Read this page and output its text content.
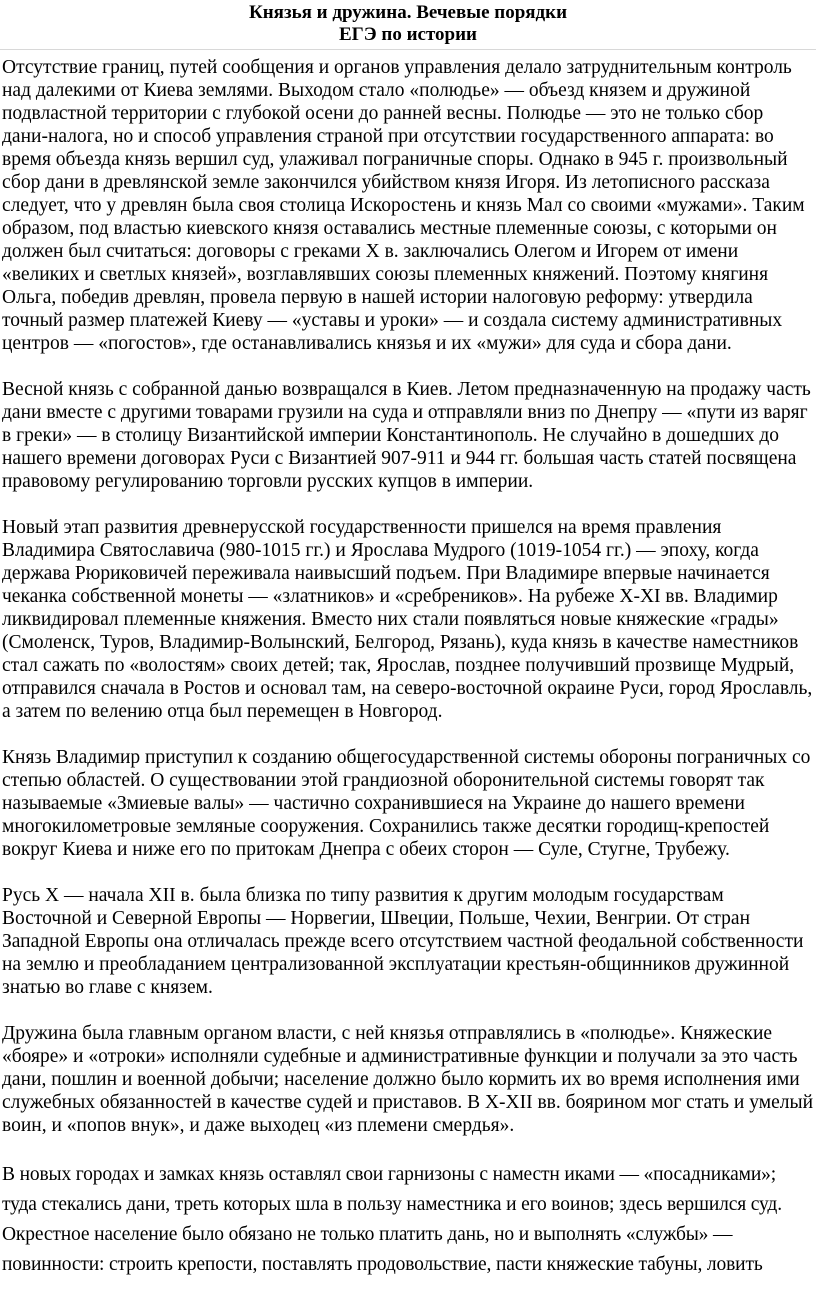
Князья и дружина. Вечевые порядки
ЕГЭ по истории

Отсутствие границ, путей сообщения и органов управления делало затруднительным контроль над далекими от Киева землями. Выходом стало «полюдье» — объезд князем и дружиной подвластной территории с глубокой осени до ранней весны. Полюдье — это не только сбор дани-налога, но и способ управления страной при отсутствии государственного аппарата: во время объезда князь вершил суд, улаживал пограничные споры. Однако в 945 г. произвольный сбор дани в древлянской земле закончился убийством князя Игоря. Из летописного рассказа следует, что у древлян была своя столица Искоростень и князь Мал со своими «мужами». Таким образом, под властью киевского князя оставались местные племенные союзы, с которыми он должен был считаться: договоры с греками X в. заключались Олегом и Игорем от имени «великих и светлых князей», возглавлявших союзы племенных княжений. Поэтому княгиня Ольга, победив древлян, провела первую в нашей истории налоговую реформу: утвердила точный размер платежей Киеву — «уставы и уроки» — и создала систему административных центров — «погостов», где останавливались князья и их «мужи» для суда и сбора дани.

Весной князь с собранной данью возвращался в Киев. Летом предназначенную на продажу часть дани вместе с другими товарами грузили на суда и отправляли вниз по Днепру — «пути из варяг в греки» — в столицу Византийской империи Константинополь. Не случайно в дошедших до нашего времени договорах Руси с Византией 907-911 и 944 гг. большая часть статей посвящена правовому регулированию торговли русских купцов в империи.

Новый этап развития древнерусской государственности пришелся на время правления Владимира Святославича (980-1015 гг.) и Ярослава Мудрого (1019-1054 гг.) — эпоху, когда держава Рюриковичей переживала наивысший подъем. При Владимире впервые начинается чеканка собственной монеты — «златников» и «сребреников». На рубеже X-XI вв. Владимир ликвидировал племенные княжения. Вместо них стали появляться новые княжеские «грады» (Смоленск, Туров, Владимир-Волынский, Белгород, Рязань), куда князь в качестве наместников стал сажать по «волостям» своих детей; так, Ярослав, позднее получивший прозвище Мудрый, отправился сначала в Ростов и основал там, на северо-восточной окраине Руси, город Ярославль, а затем по велению отца был перемещен в Новгород.

Князь Владимир приступил к созданию общегосударственной системы обороны пограничных со степью областей. О существовании этой грандиозной оборонительной системы говорят так называемые «Змиевые валы» — частично сохранившиеся на Украине до нашего времени многокилометровые земляные сооружения. Сохранились также десятки городищ-крепостей вокруг Киева и ниже его по притокам Днепра с обеих сторон — Суле, Стугне, Трубежу.

Русь X — начала XII в. была близка по типу развития к другим молодым государствам Восточной и Северной Европы — Норвегии, Швеции, Польше, Чехии, Венгрии. От стран Западной Европы она отличалась прежде всего отсутствием частной феодальной собственности на землю и преобладанием централизованной эксплуатации крестьян-общинников дружинной знатью во главе с князем.

Дружина была главным органом власти, с ней князья отправлялись в «полюдье». Княжеские «бояре» и «отроки» исполняли судебные и административные функции и получали за это часть дани, пошлин и военной добычи; население должно было кормить их во время исполнения ими служебных обязанностей в качестве судей и приставов. В X-XII вв. боярином мог стать и умелый воин, и «попов внук», и даже выходец «из племени смердья».

В новых городах и замках князь оставлял свои гарнизоны с наместн иками — «посадниками»; туда стекались дани, треть которых шла в пользу наместника и его воинов; здесь вершился суд. Окрестное население было обязано не только платить дань, но и выполнять «службы» — повинности: строить крепости, поставлять продовольствие, пасти княжеские табуны, ловить
